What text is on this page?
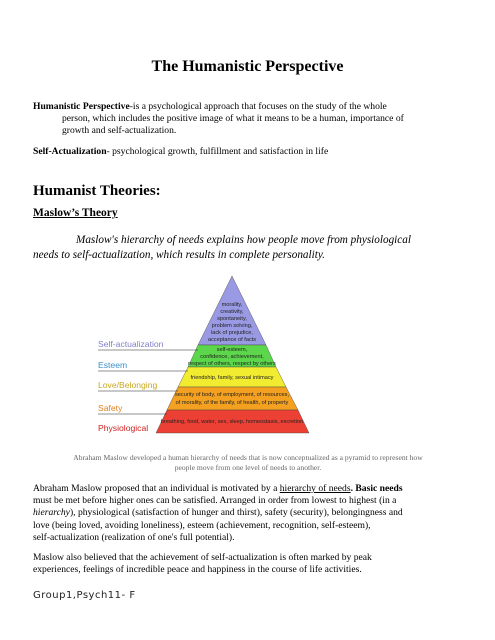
The Humanistic Perspective
Humanistic Perspective-is a psychological approach that focuses on the study of the whole
person, which includes the positive image of what it means to be a human, importance of
growth and self-actualization.
Self-Actualization- psychological growth, fulfillment and satisfaction in life
Humanist Theories:
Maslow’s Theory
Maslow's hierarchy of needs explains how people move from physiological
needs to self-actualization, which results in complete personality.
Self-actualization
Esteem
Love/Belonging
Safety
Physiological
morality,
creativity,
spontaneity,
problem solving,
lack of prejudice,
acceptance of facts
self-esteem,
confidence, achievement,
respect of others, respect by others
friendship, family, sexual intimacy
security of body, of employment, of resources,
of morality, of the family, of health, of property
breathing, food, water, sex, sleep, homeostasis, excretion
Abraham Maslow developed a human hierarchy of needs that is now conceptualized as a pyramid to represent how
people move from one level of needs to another.
Abraham Maslow proposed that an individual is motivated by a hierarchy of needs. Basic needs
must be met before higher ones can be satisfied. Arranged in order from lowest to highest (in a
hierarchy), physiological (satisfaction of hunger and thirst), safety (security), belongingness and
love (being loved, avoiding loneliness), esteem (achievement, recognition, self-esteem),
self-actualization (realization of one's full potential).
Maslow also believed that the achievement of self-actualization is often marked by peak
experiences, feelings of incredible peace and happiness in the course of life activities.
Group1,Psych11- F
